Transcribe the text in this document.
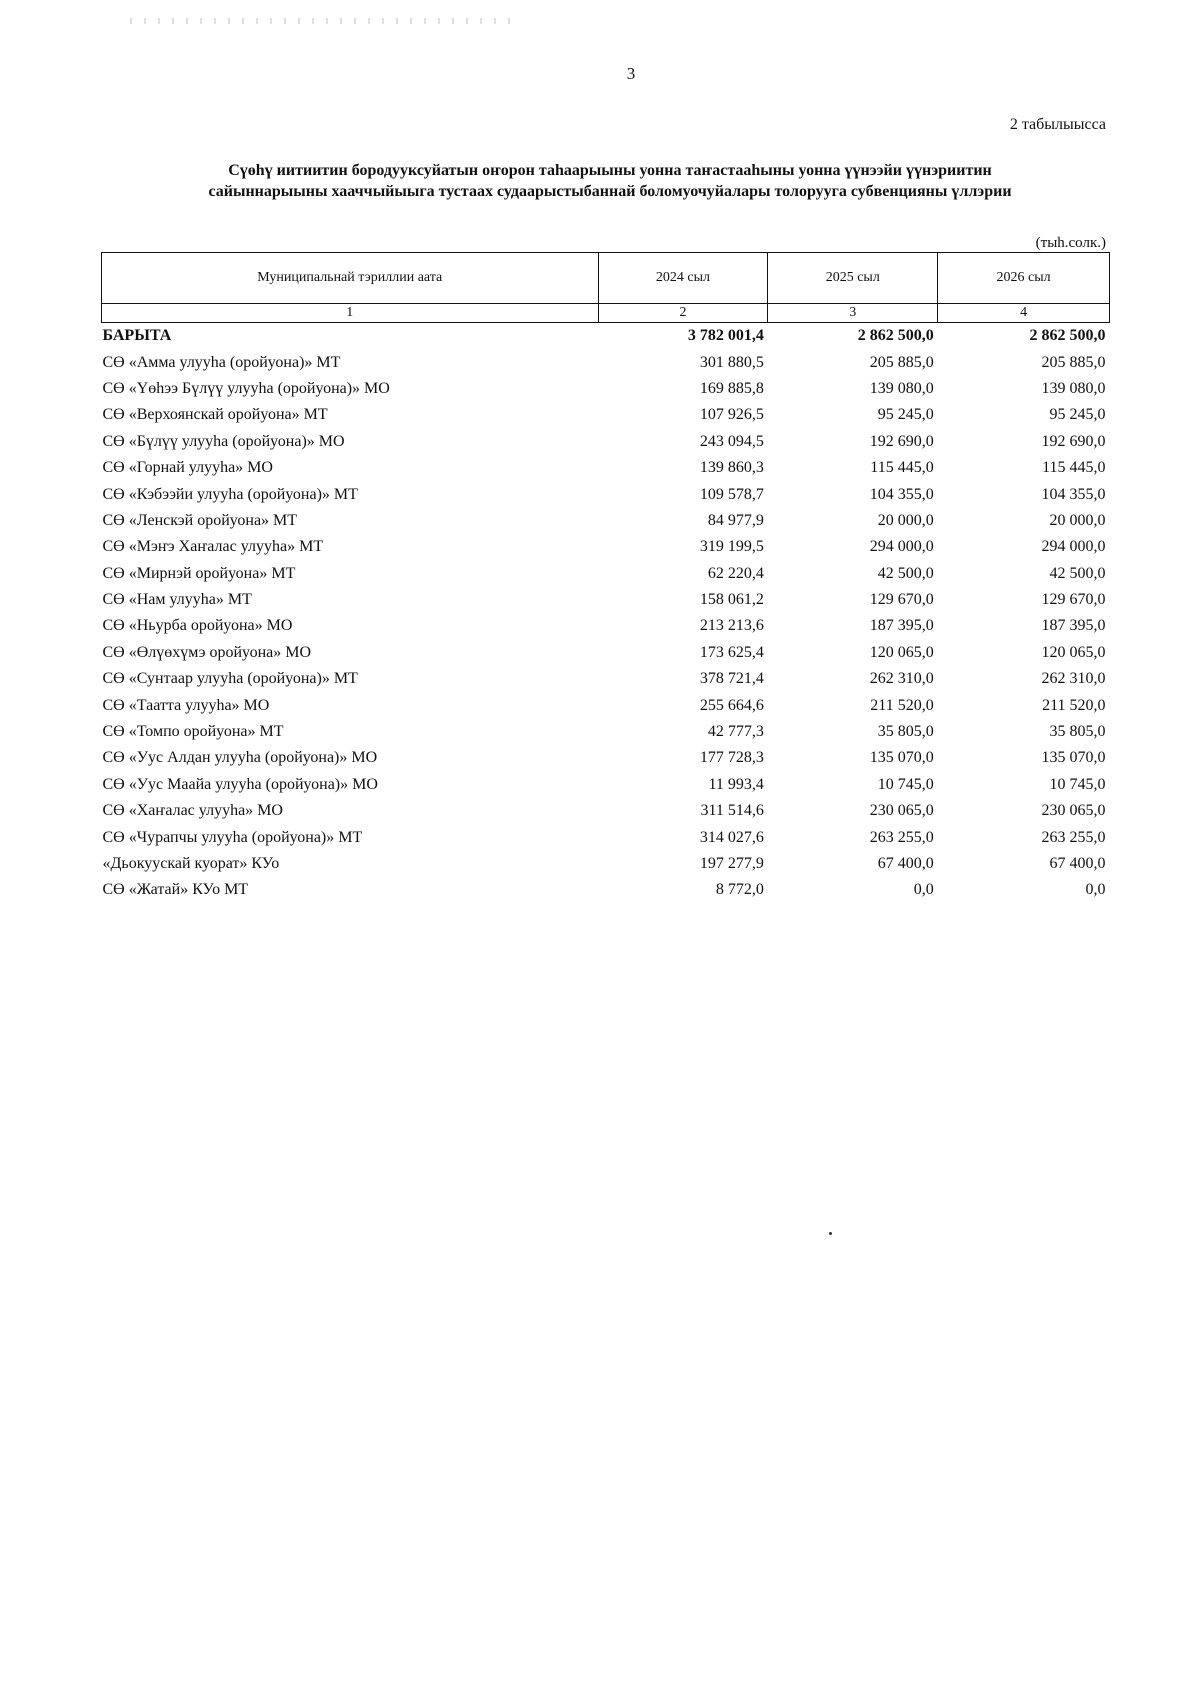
3
2 табылыысса
Сүөһү иитиитин бородууксуйатын оҥорон таһаарыыны уонна таҥастааһыны уонна үүнээйи үүнэриитин
сайыннарыыны хааччыйыыга тустаах судаарыстыбаннай боломуочуйалары толорууга субвенцияны үллэрии
(тыһ.солк.)
Муниципальнай тэриллии аата	2024 сыл	2025 сыл	2026 сыл
1	2	3	4
БАРЫТА	3 782 001,4	2 862 500,0	2 862 500,0
СӨ «Амма улууһа (оройуона)» МТ	301 880,5	205 885,0	205 885,0
СӨ «Үөһээ Бүлүү улууһа (оройуона)» МО	169 885,8	139 080,0	139 080,0
СӨ «Верхоянскай оройуона» МТ	107 926,5	95 245,0	95 245,0
СӨ «Бүлүү улууһа (оройуона)» МО	243 094,5	192 690,0	192 690,0
СӨ «Горнай улууһа» МО	139 860,3	115 445,0	115 445,0
СӨ «Кэбээйи улууһа (оройуона)» МТ	109 578,7	104 355,0	104 355,0
СӨ «Ленскэй оройуона» МТ	84 977,9	20 000,0	20 000,0
СӨ «Мэҥэ Хаҥалас улууһа» МТ	319 199,5	294 000,0	294 000,0
СӨ «Мирнэй оройуона» МТ	62 220,4	42 500,0	42 500,0
СӨ «Нам улууһа» МТ	158 061,2	129 670,0	129 670,0
СӨ «Ньурба оройуона» МО	213 213,6	187 395,0	187 395,0
СӨ «Өлүөхүмэ оройуона» МО	173 625,4	120 065,0	120 065,0
СӨ «Сунтаар улууһа (оройуона)» МТ	378 721,4	262 310,0	262 310,0
СӨ «Таатта улууһа» МО	255 664,6	211 520,0	211 520,0
СӨ «Томпо оройуона» МТ	42 777,3	35 805,0	35 805,0
СӨ «Уус Алдан улууһа (оройуона)» МО	177 728,3	135 070,0	135 070,0
СӨ «Уус Маайа улууһа (оройуона)» МО	11 993,4	10 745,0	10 745,0
СӨ «Хаҥалас улууһа» МО	311 514,6	230 065,0	230 065,0
СӨ «Чурапчы улууһа (оройуона)» МТ	314 027,6	263 255,0	263 255,0
«Дьокуускай куорат» КУо	197 277,9	67 400,0	67 400,0
СӨ «Жатай» КУо МТ	8 772,0	0,0	0,0
